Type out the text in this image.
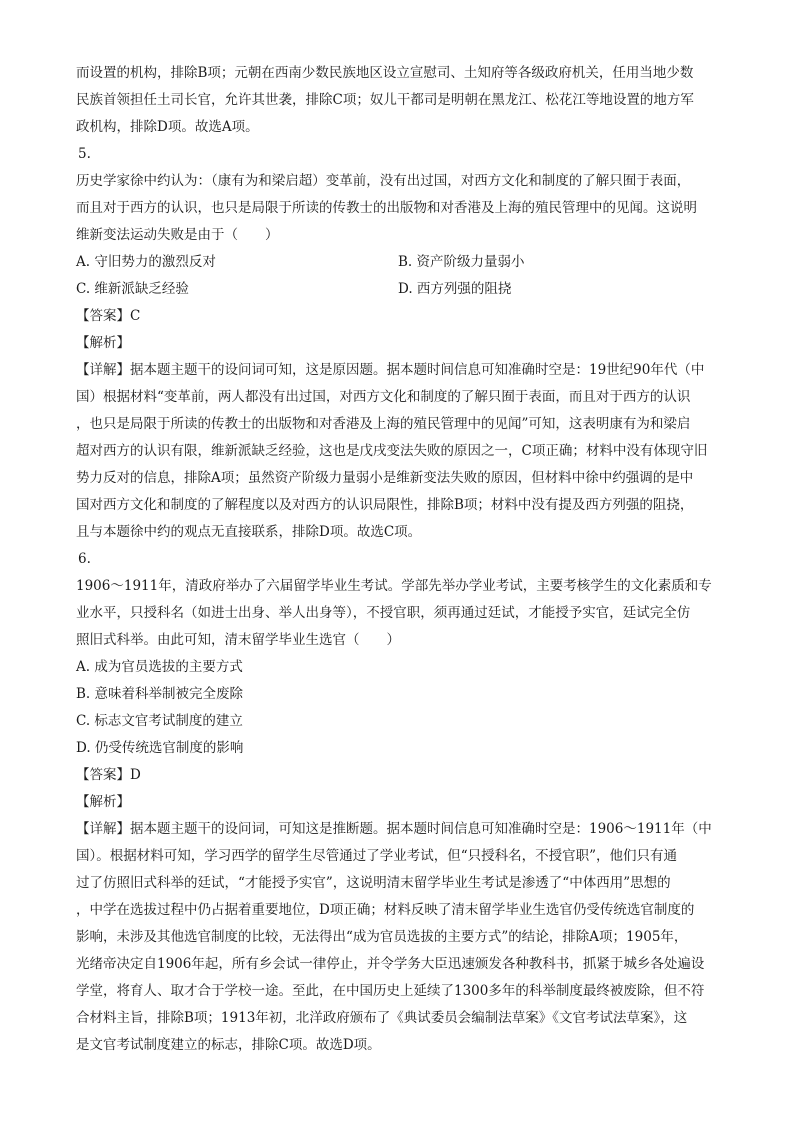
而设置的机构，排除B项；元朝在西南少数民族地区设立宣慰司、土知府等各级政府机关，任用当地少数

民族首领担任土司长官，允许其世袭，排除C项；奴儿干都司是明朝在黑龙江、松花江等地设置的地方军

政机构，排除D项。故选A项。

5.

历史学家徐中约认为：（康有为和梁启超）变革前，没有出过国，对西方文化和制度的了解只囿于表面，

而且对于西方的认识，也只是局限于所读的传教士的出版物和对香港及上海的殖民管理中的见闻。这说明

维新变法运动失败是由于（　　）

A. 守旧势力的激烈反对	B. 资产阶级力量弱小

C. 维新派缺乏经验	D. 西方列强的阻挠

【答案】C

【解析】

【详解】据本题主题干的设问词可知，这是原因题。据本题时间信息可知准确时空是：19世纪90年代（中

国）根据材料“变革前，两人都没有出过国，对西方文化和制度的了解只囿于表面，而且对于西方的认识

，也只是局限于所读的传教士的出版物和对香港及上海的殖民管理中的见闻”可知，这表明康有为和梁启

超对西方的认识有限，维新派缺乏经验，这也是戊戌变法失败的原因之一，C项正确；材料中没有体现守旧

势力反对的信息，排除A项；虽然资产阶级力量弱小是维新变法失败的原因，但材料中徐中约强调的是中

国对西方文化和制度的了解程度以及对西方的认识局限性，排除B项；材料中没有提及西方列强的阻挠，

且与本题徐中约的观点无直接联系，排除D项。故选C项。

6.

1906～1911年，清政府举办了六届留学毕业生考试。学部先举办学业考试，主要考核学生的文化素质和专

业水平，只授科名（如进士出身、举人出身等），不授官职，须再通过廷试，才能授予实官，廷试完全仿

照旧式科举。由此可知，清末留学毕业生选官（　　）

A. 成为官员选拔的主要方式

B. 意味着科举制被完全废除

C. 标志文官考试制度的建立

D. 仍受传统选官制度的影响

【答案】D

【解析】

【详解】据本题主题干的设问词，可知这是推断题。据本题时间信息可知准确时空是：1906～1911年（中

国）。根据材料可知，学习西学的留学生尽管通过了学业考试，但“只授科名，不授官职”，他们只有通

过了仿照旧式科举的廷试，“才能授予实官”，这说明清末留学毕业生考试是渗透了“中体西用”思想的

，中学在选拔过程中仍占据着重要地位，D项正确；材料反映了清末留学毕业生选官仍受传统选官制度的

影响，未涉及其他选官制度的比较，无法得出“成为官员选拔的主要方式”的结论，排除A项；1905年，

光绪帝决定自1906年起，所有乡会试一律停止，并令学务大臣迅速颁发各种教科书，抓紧于城乡各处遍设

学堂，将育人、取才合于学校一途。至此，在中国历史上延续了1300多年的科举制度最终被废除，但不符

合材料主旨，排除B项；1913年初，北洋政府颁布了《典试委员会编制法草案》《文官考试法草案》，这

是文官考试制度建立的标志，排除C项。故选D项。
